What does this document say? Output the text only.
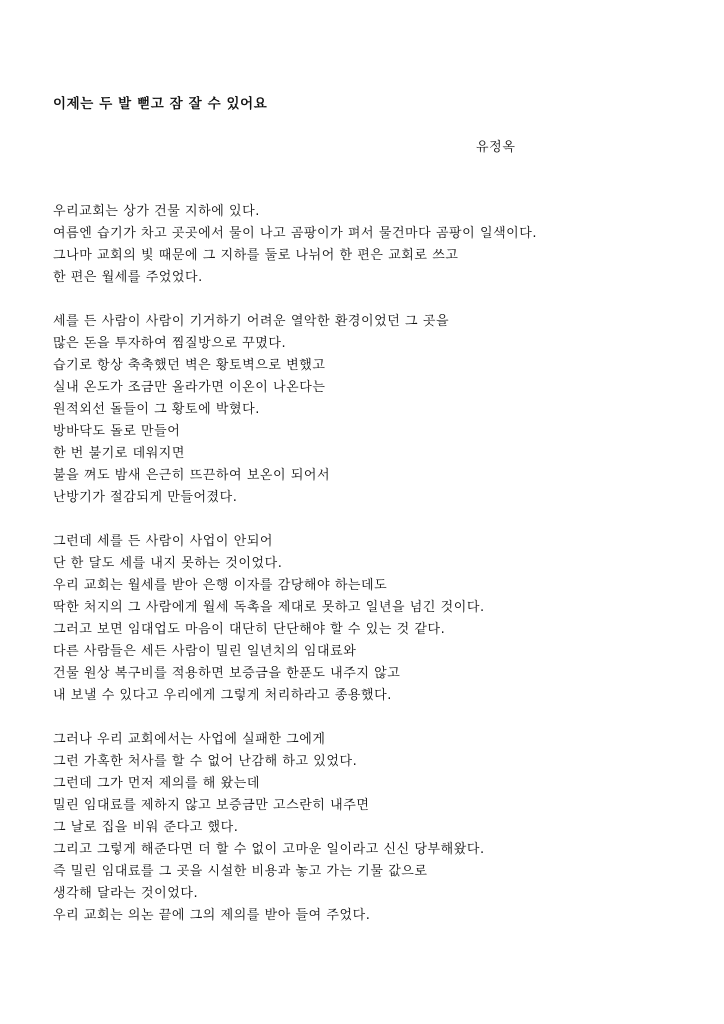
이제는 두 발 뻗고 잠 잘 수 있어요
유정옥
우리교회는 상가 건물 지하에 있다.
여름엔 습기가 차고 곳곳에서 물이 나고 곰팡이가 펴서 물건마다 곰팡이 일색이다.
그나마 교회의 빛 때문에 그 지하를 둘로 나뉘어 한 편은 교회로 쓰고
한 편은 월세를 주었었다.
세를 든 사람이 사람이 기거하기 어려운 열악한 환경이었던 그 곳을
많은 돈을 투자하여 찜질방으로 꾸몄다.
습기로 항상 축축했던 벽은 황토벽으로 변했고
실내 온도가 조금만 올라가면 이온이 나온다는
원적외선 돌들이 그 황토에 박혔다.
방바닥도 돌로 만들어
한 번 불기로 데워지면
불을 껴도 밤새 은근히 뜨끈하여 보온이 되어서
난방기가 절감되게 만들어졌다.
그런데 세를 든 사람이 사업이 안되어
단 한 달도 세를 내지 못하는 것이었다.
우리 교회는 월세를 받아 은행 이자를 감당해야 하는데도
딱한 처지의 그 사람에게 월세 독촉을 제대로 못하고 일년을 넘긴 것이다.
그러고 보면 임대업도 마음이 대단히 단단해야 할 수 있는 것 같다.
다른 사람들은 세든 사람이 밀린 일년치의 임대료와
건물 원상 복구비를 적용하면 보증금을 한푼도 내주지 않고
내 보낼 수 있다고 우리에게 그렇게 처리하라고 종용했다.
그러나 우리 교회에서는 사업에 실패한 그에게
그런 가혹한 처사를 할 수 없어 난감해 하고 있었다.
그런데 그가 먼저 제의를 해 왔는데
밀린 임대료를 제하지 않고 보증금만 고스란히 내주면
그 날로 집을 비워 준다고 했다.
그리고 그렇게 해준다면 더 할 수 없이 고마운 일이라고 신신 당부해왔다.
즉 밀린 임대료를 그 곳을 시설한 비용과 놓고 가는 기물 값으로
생각해 달라는 것이었다.
우리 교회는 의논 끝에 그의 제의를 받아 들여 주었다.
